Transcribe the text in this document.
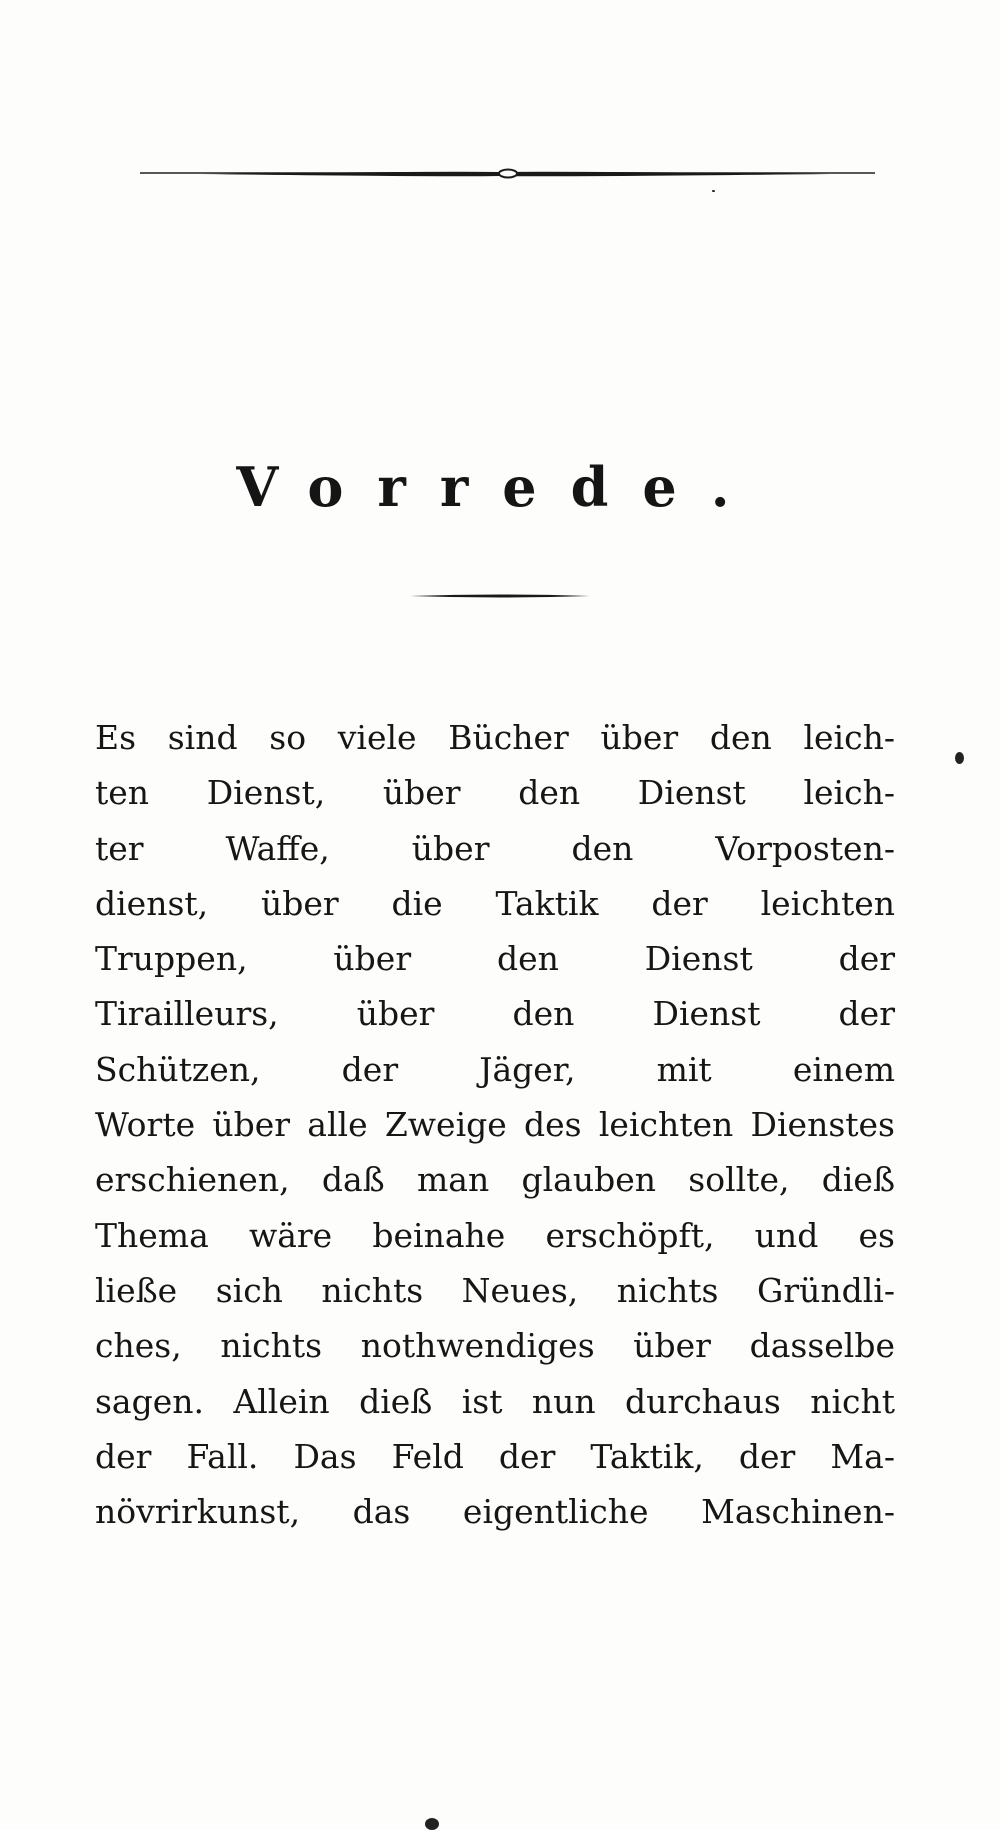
Vorrede.
Es sind so viele Bücher über den leich-
ten Dienst, über den Dienst leich-
ter Waffe, über den Vorposten-
dienst, über die Taktik der leichten
Truppen, über den Dienst der
Tirailleurs, über den Dienst der
Schützen, der Jäger, mit einem
Worte über alle Zweige des leichten Dienstes
erschienen, daß man glauben sollte, dieß
Thema wäre beinahe erschöpft, und es
ließe sich nichts Neues, nichts Gründli-
ches, nichts nothwendiges über dasselbe
sagen. Allein dieß ist nun durchaus nicht
der Fall. Das Feld der Taktik, der Ma-
növrirkunst, das eigentliche Maschinen-
